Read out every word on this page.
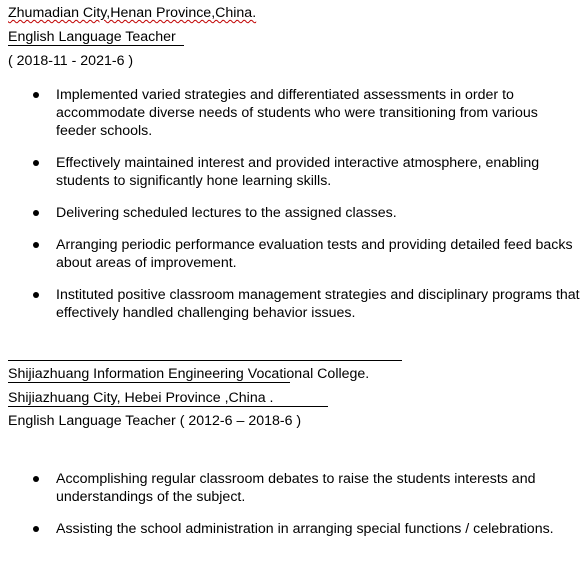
Zhumadian City,Henan Province,China.
English Language Teacher
( 2018-11 - 2021-6 )
Implemented varied strategies and differentiated assessments in order to accommodate diverse needs of students who were transitioning from various feeder schools.
Effectively maintained interest and provided interactive atmosphere, enabling students to significantly hone learning skills.
Delivering scheduled lectures to the assigned classes.
Arranging periodic performance evaluation tests and providing detailed feed backs about areas of improvement.
Instituted positive classroom management strategies and disciplinary programs that effectively handled challenging behavior issues.
Shijiazhuang Information Engineering Vocational College.
Shijiazhuang City, Hebei Province ,China .
English Language Teacher ( 2012-6 – 2018-6 )
Accomplishing regular classroom debates to raise the students interests and understandings of the subject.
Assisting the school administration in arranging special functions / celebrations.
